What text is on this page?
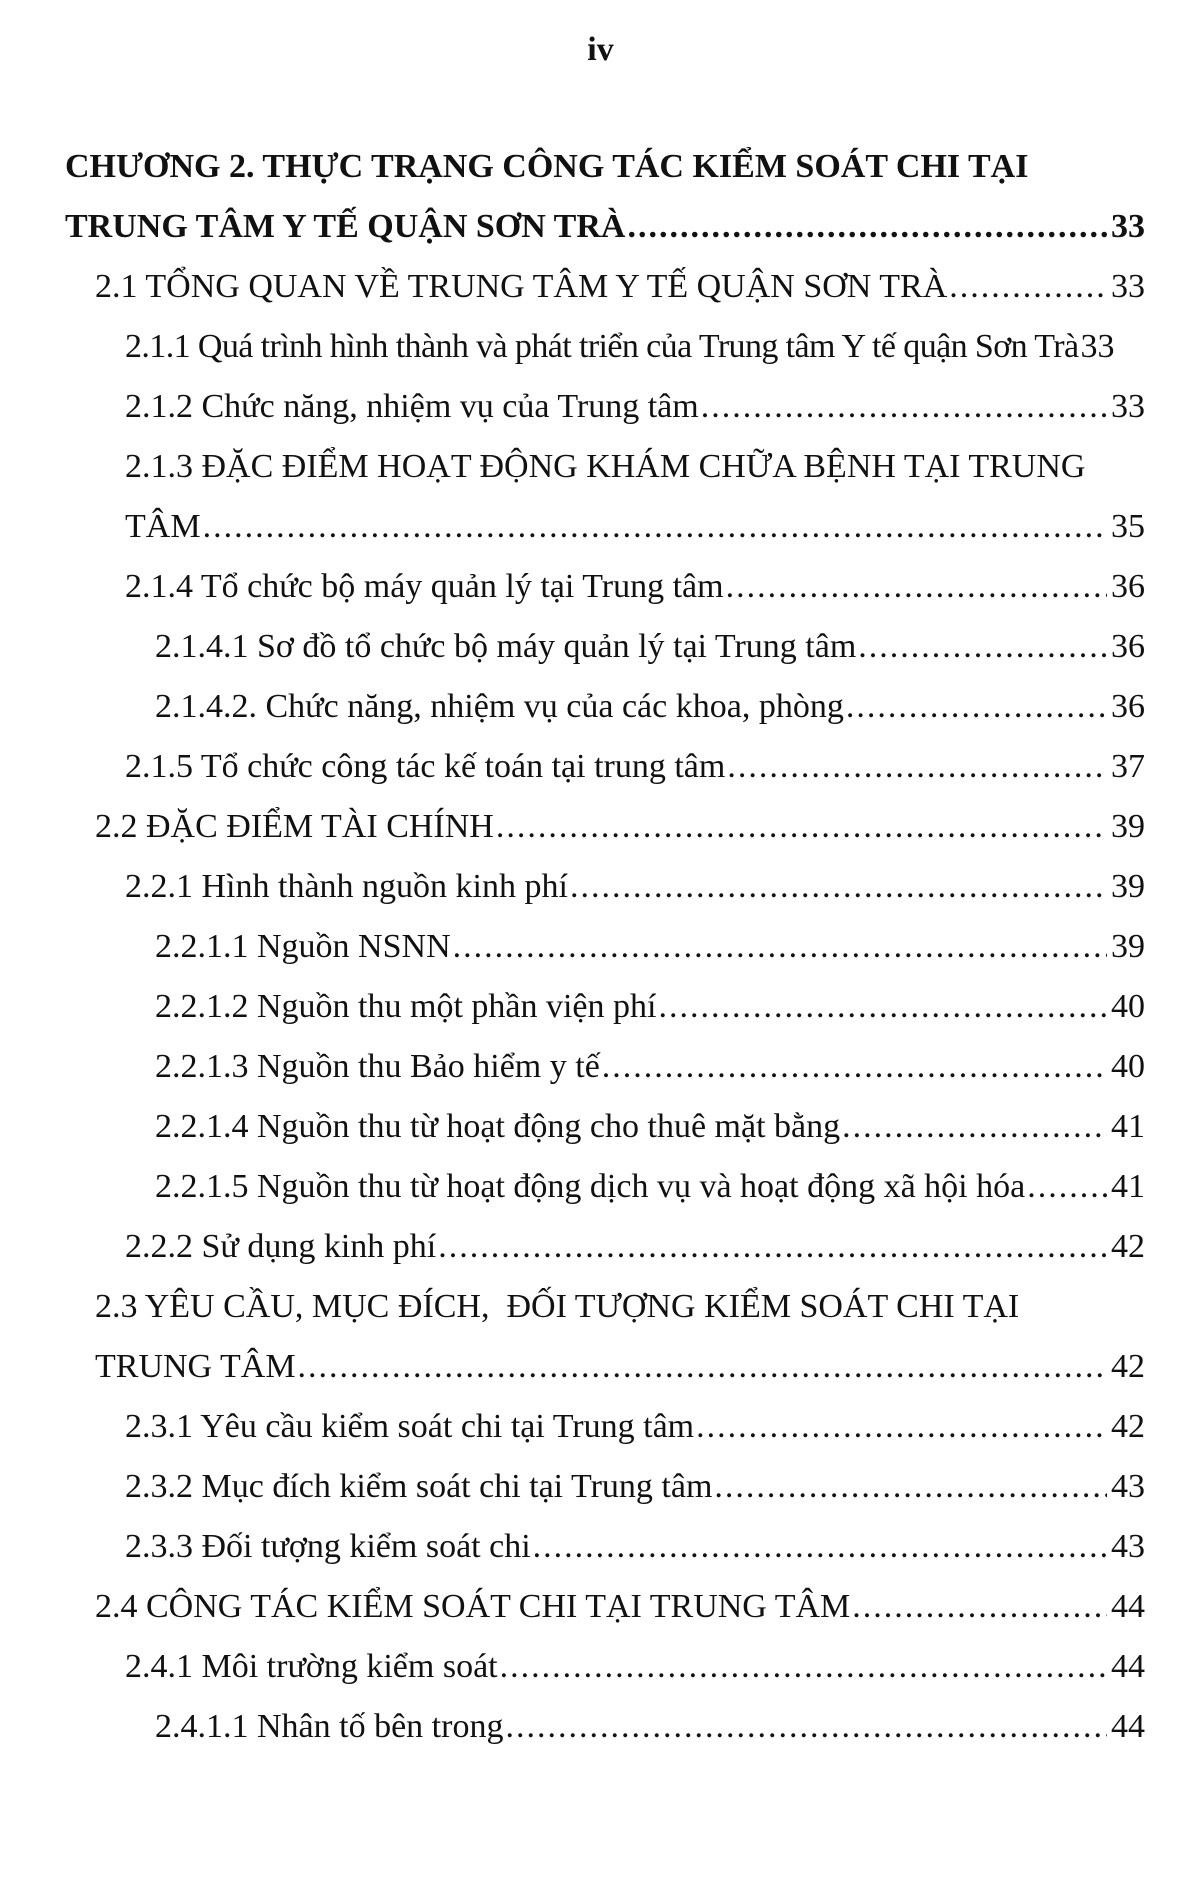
iv
CHƯƠNG 2. THỰC TRẠNG CÔNG TÁC KIỂM SOÁT CHI TẠI
TRUNG TÂM Y TẾ QUẬN SƠN TRÀ .....	33
2.1 TỔNG QUAN VỀ TRUNG TÂM Y TẾ QUẬN SƠN TRÀ .....	33
2.1.1 Quá trình hình thành và phát triển của Trung tâm Y tế quận Sơn Trà 33
2.1.2 Chức năng, nhiệm vụ của Trung tâm .....	33
2.1.3 ĐẶC ĐIỂM HOẠT ĐỘNG KHÁM CHỮA BỆNH TẠI TRUNG
TÂM .....	35
2.1.4 Tổ chức bộ máy quản lý tại Trung tâm .....	36
2.1.4.1 Sơ đồ tổ chức bộ máy quản lý tại Trung tâm .....	36
2.1.4.2. Chức năng, nhiệm vụ của các khoa, phòng .....	36
2.1.5 Tổ chức công tác kế toán tại trung tâm .....	37
2.2 ĐẶC ĐIỂM TÀI CHÍNH .....	39
2.2.1 Hình thành nguồn kinh phí .....	39
2.2.1.1 Nguồn NSNN .....	39
2.2.1.2 Nguồn thu một phần viện phí .....	40
2.2.1.3 Nguồn thu Bảo hiểm y tế .....	40
2.2.1.4 Nguồn thu từ hoạt động cho thuê mặt bằng .....	41
2.2.1.5 Nguồn thu từ hoạt động dịch vụ và hoạt động xã hội hóa .....	41
2.2.2 Sử dụng kinh phí .....	42
2.3 YÊU CẦU, MỤC ĐÍCH,  ĐỐI TƯỢNG KIỂM SOÁT CHI TẠI
TRUNG TÂM .....	42
2.3.1 Yêu cầu kiểm soát chi tại Trung tâm .....	42
2.3.2 Mục đích kiểm soát chi tại Trung tâm .....	43
2.3.3 Đối tượng kiểm soát chi .....	43
2.4 CÔNG TÁC KIỂM SOÁT CHI TẠI TRUNG TÂM .....	44
2.4.1 Môi trường kiểm soát .....	44
2.4.1.1 Nhân tố bên trong .....	44
